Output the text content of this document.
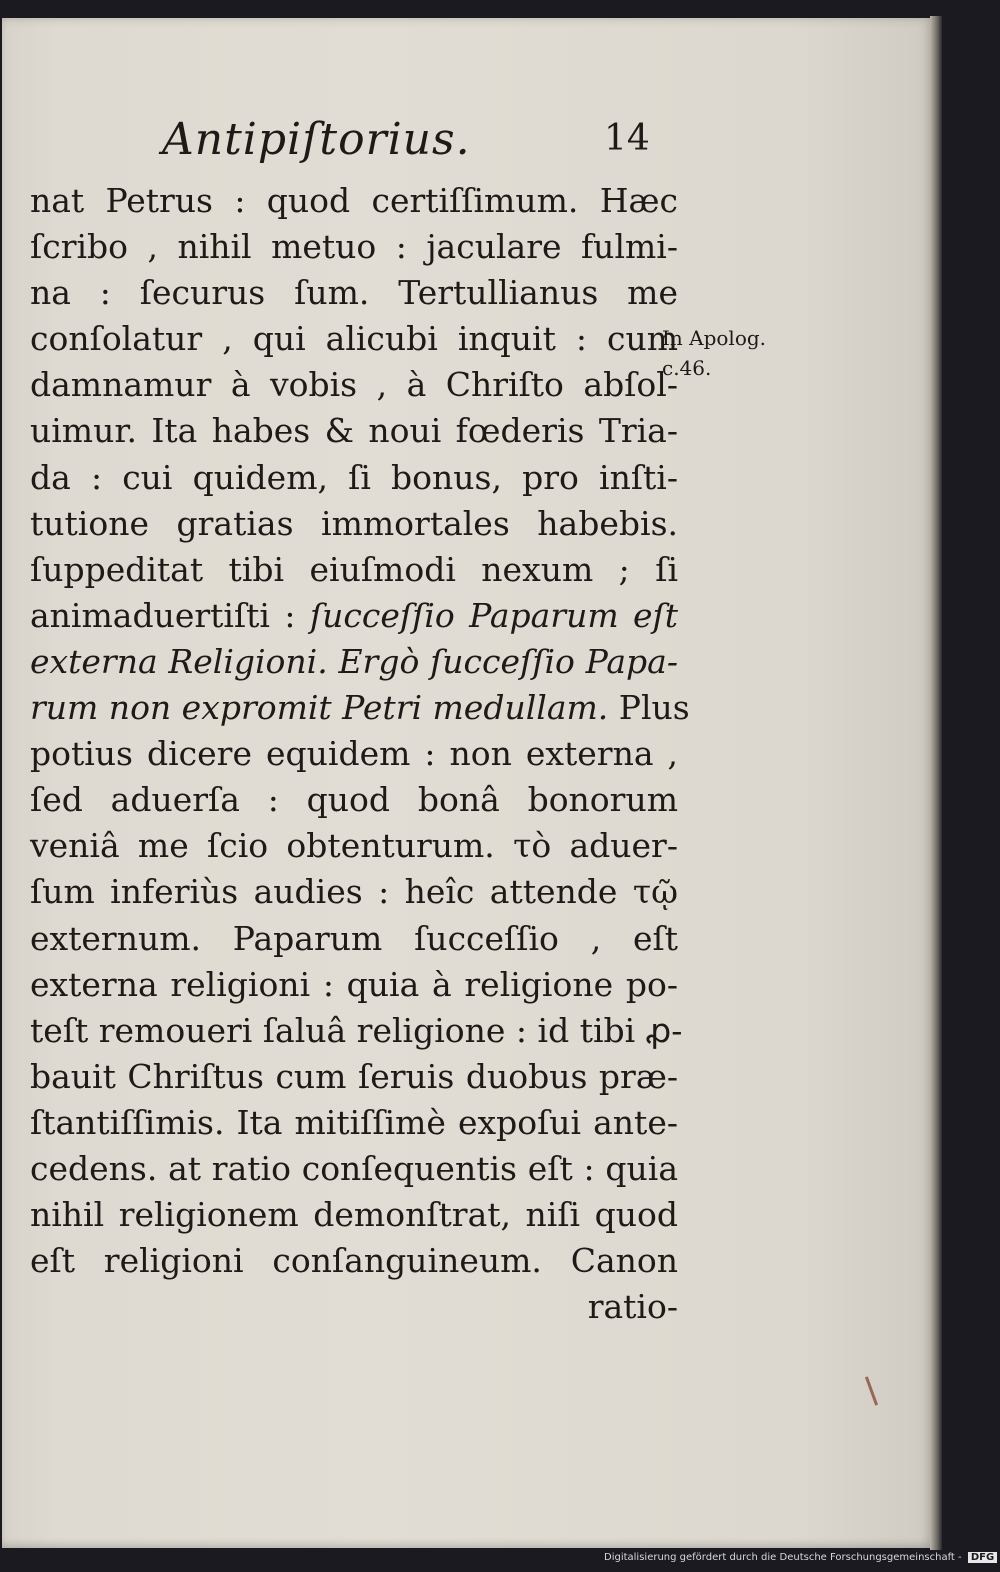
Antipiſtorius.	14
nat Petrus : quod certiſſimum. Hæc
ſcribo , nihil metuo : jaculare fulmi-
na : ſecurus ſum. Tertullianus me
conſolatur , qui alicubi inquit : cum
damnamur à vobis , à Chriſto abſol-
uimur. Ita habes & noui fœderis Tria-
da : cui quidem, ſi bonus, pro inſti-
tutione gratias immortales habebis.
ſuppeditat tibi eiuſmodi nexum ; ſi
animaduertiſti : ſucceſſio Paparum eſt
externa Religioni. Ergò ſucceſſio Papa-
rum non expromit Petri medullam. Plus
potius dicere equidem : non externa ,
ſed aduerſa : quod bonâ bonorum
veniâ me ſcio obtenturum. τὸ aduer-
ſum inferiùs audies : heîc attende τῷ
externum. Paparum ſucceſſio , eſt
externa religioni : quia à religione po-
teſt remoueri ſaluâ religione : id tibi ꝓ-
bauit Chriſtus cum ſeruis duobus præ-
ſtantiſſimis. Ita mitiſſimè expoſui ante-
cedens. at ratio conſequentis eſt : quia
nihil religionem demonſtrat, niſi quod
eſt religioni conſanguineum. Canon
ratio-
In Apolog.
c.46.
Digitalisierung gefördert durch die Deutsche Forschungsgemeinschaft - DFG
